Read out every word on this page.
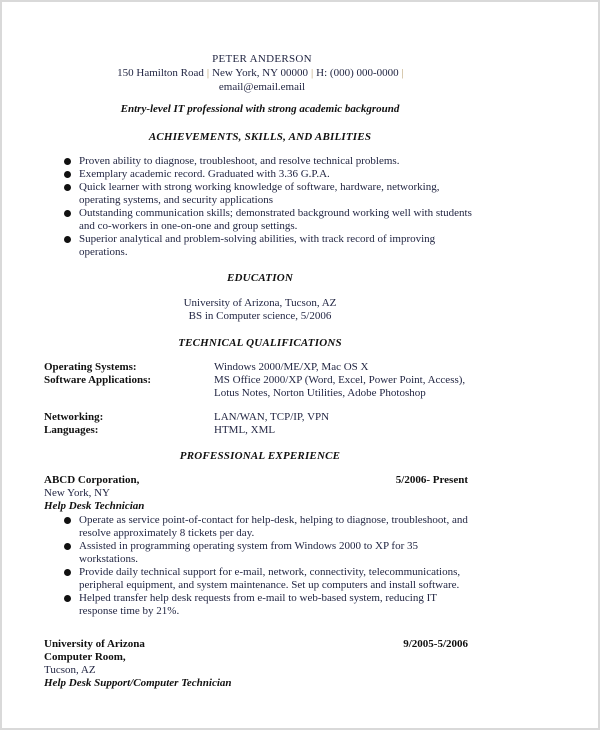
PETER ANDERSON
150 Hamilton Road | New York, NY 00000 | H: (000) 000-0000 |
email@email.email
Entry-level IT professional with strong academic background
ACHIEVEMENTS, SKILLS, AND ABILITIES
Proven ability to diagnose, troubleshoot, and resolve technical problems.
Exemplary academic record. Graduated with 3.36 G.P.A.
Quick learner with strong working knowledge of software, hardware, networking, operating systems, and security applications
Outstanding communication skills; demonstrated background working well with students and co-workers in one-on-one and group settings.
Superior analytical and problem-solving abilities, with track record of improving operations.
EDUCATION
University of Arizona, Tucson, AZ
BS in Computer science, 5/2006
TECHNICAL QUALIFICATIONS
Operating Systems:	Windows 2000/ME/XP, Mac OS X
Software Applications:	MS Office 2000/XP (Word, Excel, Power Point, Access), Lotus Notes, Norton Utilities, Adobe Photoshop
Networking:	LAN/WAN, TCP/IP, VPN
Languages:	HTML, XML
PROFESSIONAL EXPERIENCE
ABCD Corporation,	5/2006- Present
New York, NY
Help Desk Technician
Operate as service point-of-contact for help-desk, helping to diagnose, troubleshoot, and resolve approximately 8 tickets per day.
Assisted in programming operating system from Windows 2000 to XP for 35 workstations.
Provide daily technical support for e-mail, network, connectivity, telecommunications, peripheral equipment, and system maintenance. Set up computers and install software.
Helped transfer help desk requests from e-mail to web-based system, reducing IT response time by 21%.
University of Arizona	9/2005-5/2006
Computer Room,
Tucson, AZ
Help Desk Support/Computer Technician
